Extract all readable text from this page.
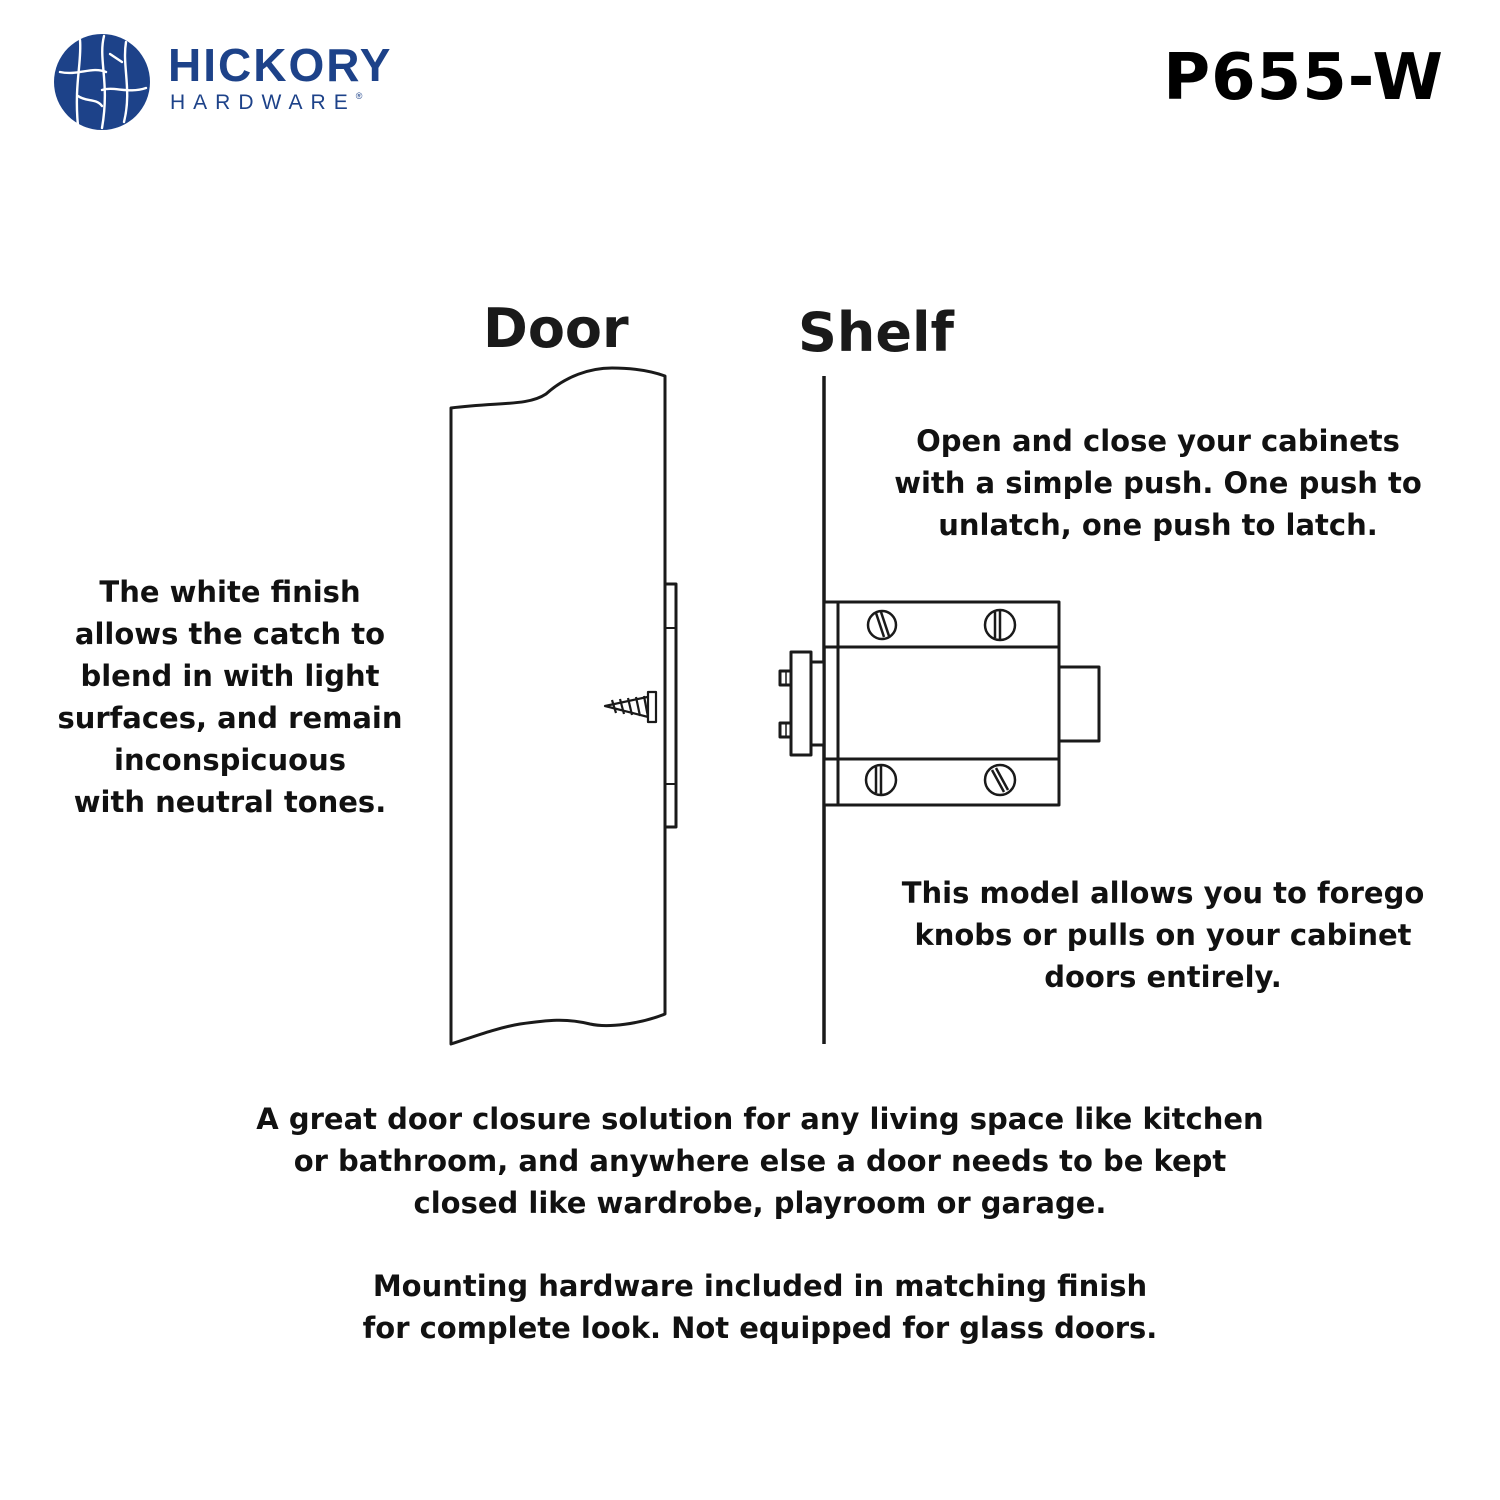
HICKORY
HARDWARE®	P655-W
Door	Shelf
The white finish
allows the catch to
blend in with light
surfaces, and remain
inconspicuous
with neutral tones.
Open and close your cabinets
with a simple push. One push to
unlatch, one push to latch.
This model allows you to forego
knobs or pulls on your cabinet
doors entirely.
A great door closure solution for any living space like kitchen
or bathroom, and anywhere else a door needs to be kept
closed like wardrobe, playroom or garage.
Mounting hardware included in matching finish
for complete look. Not equipped for glass doors.
